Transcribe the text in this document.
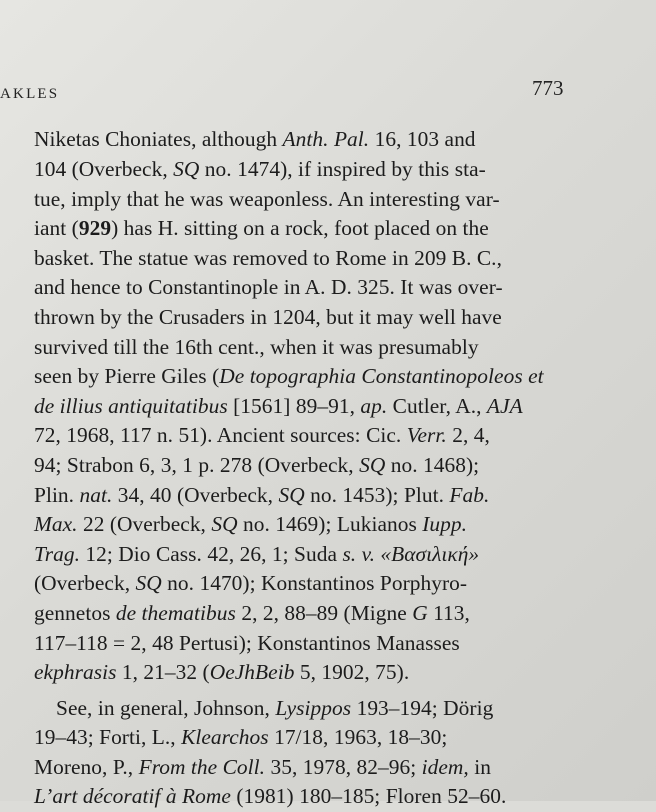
AKLES	773
Niketas Choniates, although Anth. Pal. 16, 103 and
104 (Overbeck, SQ no. 1474), if inspired by this sta-
tue, imply that he was weaponless. An interesting var-
iant (929) has H. sitting on a rock, foot placed on the
basket. The statue was removed to Rome in 209 B. C.,
and hence to Constantinople in A. D. 325. It was over-
thrown by the Crusaders in 1204, but it may well have
survived till the 16th cent., when it was presumably
seen by Pierre Giles (De topographia Constantinopoleos et
de illius antiquitatibus [1561] 89–91, ap. Cutler, A., AJA
72, 1968, 117 n. 51). Ancient sources: Cic. Verr. 2, 4,
94; Strabon 6, 3, 1 p. 278 (Overbeck, SQ no. 1468);
Plin. nat. 34, 40 (Overbeck, SQ no. 1453); Plut. Fab.
Max. 22 (Overbeck, SQ no. 1469); Lukianos Iupp.
Trag. 12; Dio Cass. 42, 26, 1; Suda s. v. «Βασιλική»
(Overbeck, SQ no. 1470); Konstantinos Porphyro-
gennetos de thematibus 2, 2, 88–89 (Migne G 113,
117–118 = 2, 48 Pertusi); Konstantinos Manasses
ekphrasis 1, 21–32 (OeJhBeib 5, 1902, 75).
See, in general, Johnson, Lysippos 193–194; Dörig
19–43; Forti, L., Klearchos 17/18, 1963, 18–30;
Moreno, P., From the Coll. 35, 1978, 82–96; idem, in
L’art décoratif à Rome (1981) 180–185; Floren 52–60.
